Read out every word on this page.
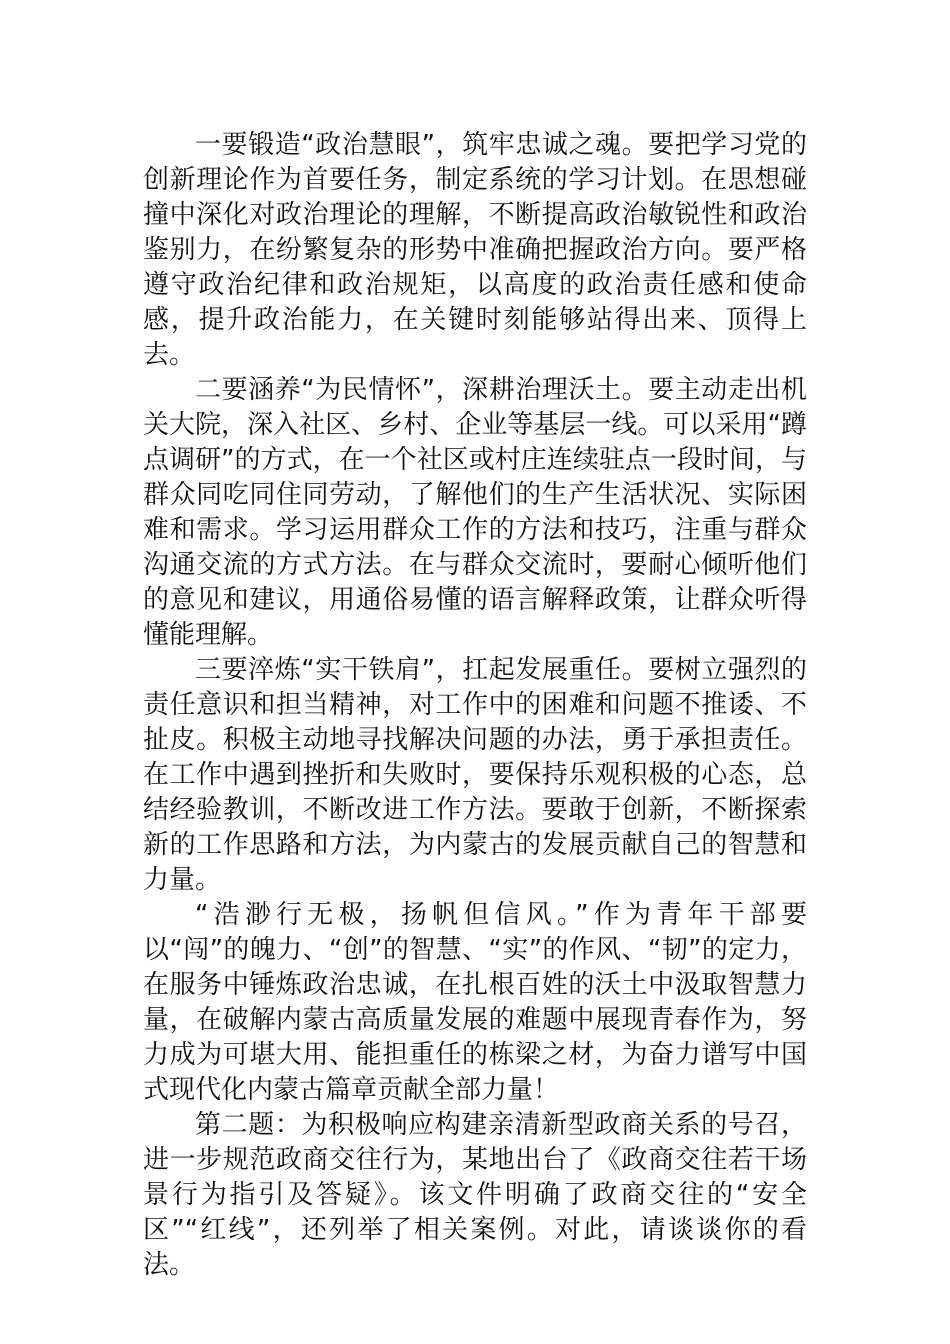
一要锻造“政治慧眼”，筑牢忠诚之魂。要把学习党的创新理论作为首要任务，制定系统的学习计划。在思想碰撞中深化对政治理论的理解，不断提高政治敏锐性和政治鉴别力，在纷繁复杂的形势中准确把握政治方向。要严格遵守政治纪律和政治规矩，以高度的政治责任感和使命感，提升政治能力，在关键时刻能够站得出来、顶得上去。

二要涵养“为民情怀”，深耕治理沃土。要主动走出机关大院，深入社区、乡村、企业等基层一线。可以采用“蹲点调研”的方式，在一个社区或村庄连续驻点一段时间，与群众同吃同住同劳动，了解他们的生产生活状况、实际困难和需求。学习运用群众工作的方法和技巧，注重与群众沟通交流的方式方法。在与群众交流时，要耐心倾听他们的意见和建议，用通俗易懂的语言解释政策，让群众听得懂能理解。

三要淬炼“实干铁肩”，扛起发展重任。要树立强烈的责任意识和担当精神，对工作中的困难和问题不推诿、不扯皮。积极主动地寻找解决问题的办法，勇于承担责任。在工作中遇到挫折和失败时，要保持乐观积极的心态，总结经验教训，不断改进工作方法。要敢于创新，不断探索新的工作思路和方法，为内蒙古的发展贡献自己的智慧和力量。

“浩渺行无极，扬帆但信风。”作为青年干部要以“闯”的魄力、“创”的智慧、“实”的作风、“韧”的定力，在服务中锤炼政治忠诚，在扎根百姓的沃土中汲取智慧力量，在破解内蒙古高质量发展的难题中展现青春作为，努力成为可堪大用、能担重任的栋梁之材，为奋力谱写中国式现代化内蒙古篇章贡献全部力量！

第二题：为积极响应构建亲清新型政商关系的号召，进一步规范政商交往行为，某地出台了《政商交往若干场景行为指引及答疑》。该文件明确了政商交往的“安全区”“红线”，还列举了相关案例。对此，请谈谈你的看法。
